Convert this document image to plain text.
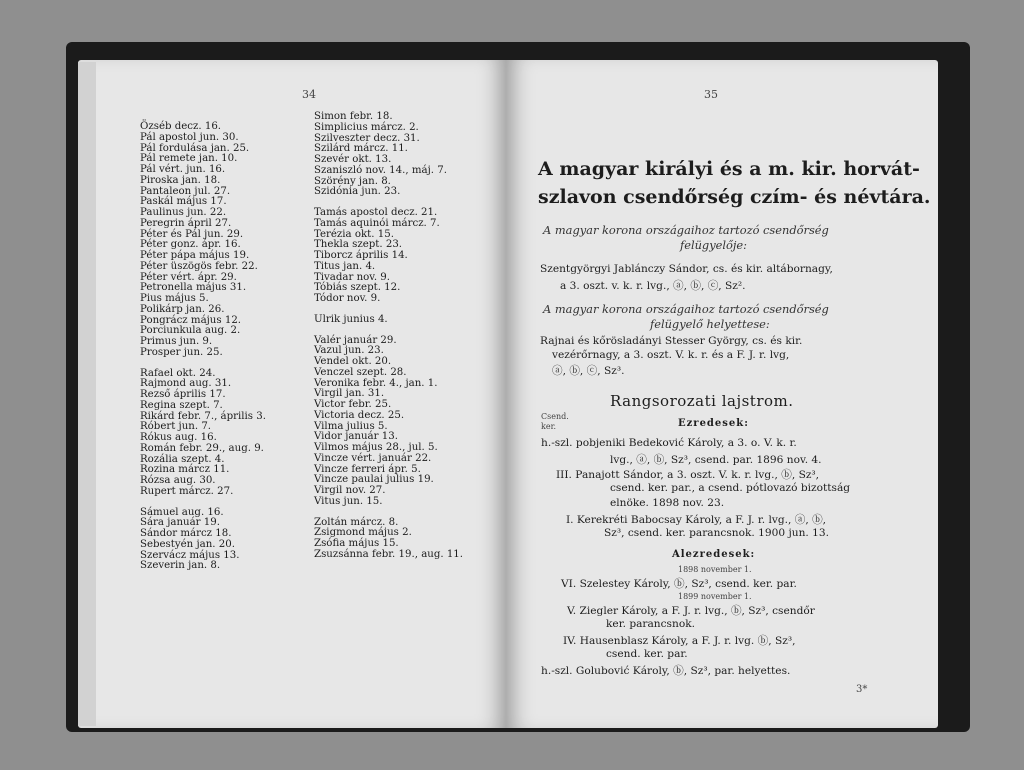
34
Özséb decz. 16.
Pál apostol jun. 30.
Pál fordulása jan. 25.
Pál remete jan. 10.
Pál vért. jun. 16.
Piroska jan. 18.
Pantaleon jul. 27.
Paskál május 17.
Paulinus jun. 22.
Peregrin ápril 27.
Péter és Pál jun. 29.
Péter gonz. ápr. 16.
Péter pápa május 19.
Péter üszögös febr. 22.
Péter vért. ápr. 29.
Petronella május 31.
Pius május 5.
Polikárp jan. 26.
Pongrácz május 12.
Porciunkula aug. 2.
Primus jun. 9.
Prosper jun. 25.
Rafael okt. 24.
Rajmond aug. 31.
Rezső április 17.
Regina szept. 7.
Rikárd febr. 7., április 3.
Róbert jun. 7.
Rókus aug. 16.
Román febr. 29., aug. 9.
Rozália szept. 4.
Rozina márcz 11.
Rózsa aug. 30.
Rupert márcz. 27.
Sámuel aug. 16.
Sára január 19.
Sándor márcz 18.
Sebestyén jan. 20.
Szervácz május 13.
Szeverin jan. 8.
Simon febr. 18.
Simplicius márcz. 2.
Szilveszter decz. 31.
Szilárd márcz. 11.
Szevér okt. 13.
Szaniszló nov. 14., máj. 7.
Szörény jan. 8.
Szidónia jun. 23.
Tamás apostol decz. 21.
Tamás aquinói márcz. 7.
Terézia okt. 15.
Thekla szept. 23.
Tiborcz április 14.
Titus jan. 4.
Tivadar nov. 9.
Tóbiás szept. 12.
Tódor nov. 9.
Ulrik junius 4.
Valér január 29.
Vazul jun. 23.
Vendel okt. 20.
Venczel szept. 28.
Veronika febr. 4., jan. 1.
Virgil jan. 31.
Victor febr. 25.
Victoria decz. 25.
Vilma julius 5.
Vidor január 13.
Vilmos május 28., jul. 5.
Vincze vért. január 22.
Vincze ferreri ápr. 5.
Vincze paulai julius 19.
Virgil nov. 27.
Vitus jun. 15.
Zoltán márcz. 8.
Zsigmond május 2.
Zsófia május 15.
Zsuzsánna febr. 19., aug. 11.
35
A magyar királyi és a m. kir. horvát-
szlavon csendőrség czím- és névtára.
A magyar korona országaihoz tartozó csendőrség
felügyelője:
Szentgyörgyi Jablánczy Sándor, cs. és kir. altábornagy,
a 3. oszt. v. k. r. lvg., ⓐ, ⓑ, ⓒ, Sz².
A magyar korona országaihoz tartozó csendőrség
felügyelő helyettese:
Rajnai és kőrösladányi Stesser György, cs. és kir.
vezérőrnagy, a 3. oszt. V. k. r. és a F. J. r. lvg,
ⓐ, ⓑ, ⓒ, Sz³.
Rangsorozati lajstrom.
Csend.
ker.	Ezredesek:
h.-szl. pobjeniki Bedeković Károly, a 3. o. V. k. r.
lvg., ⓐ, ⓑ, Sz³, csend. par. 1896 nov. 4.
III. Panajott Sándor, a 3. oszt. V. k. r. lvg., ⓑ, Sz³,
csend. ker. par., a csend. pótlovazó bizottság
elnöke. 1898 nov. 23.
I. Kerekréti Babocsay Károly, a F. J. r. lvg., ⓐ, ⓑ,
Sz³, csend. ker. parancsnok. 1900 jun. 13.
Alezredesek:
1898 november 1.
VI. Szelestey Károly, ⓑ, Sz³, csend. ker. par.
1899 november 1.
V. Ziegler Károly, a F. J. r. lvg., ⓑ, Sz³, csendőr
ker. parancsnok.
IV. Hausenblasz Károly, a F. J. r. lvg. ⓑ, Sz³,
csend. ker. par.
h.-szl. Golubović Károly, ⓑ, Sz³, par. helyettes.
3*
